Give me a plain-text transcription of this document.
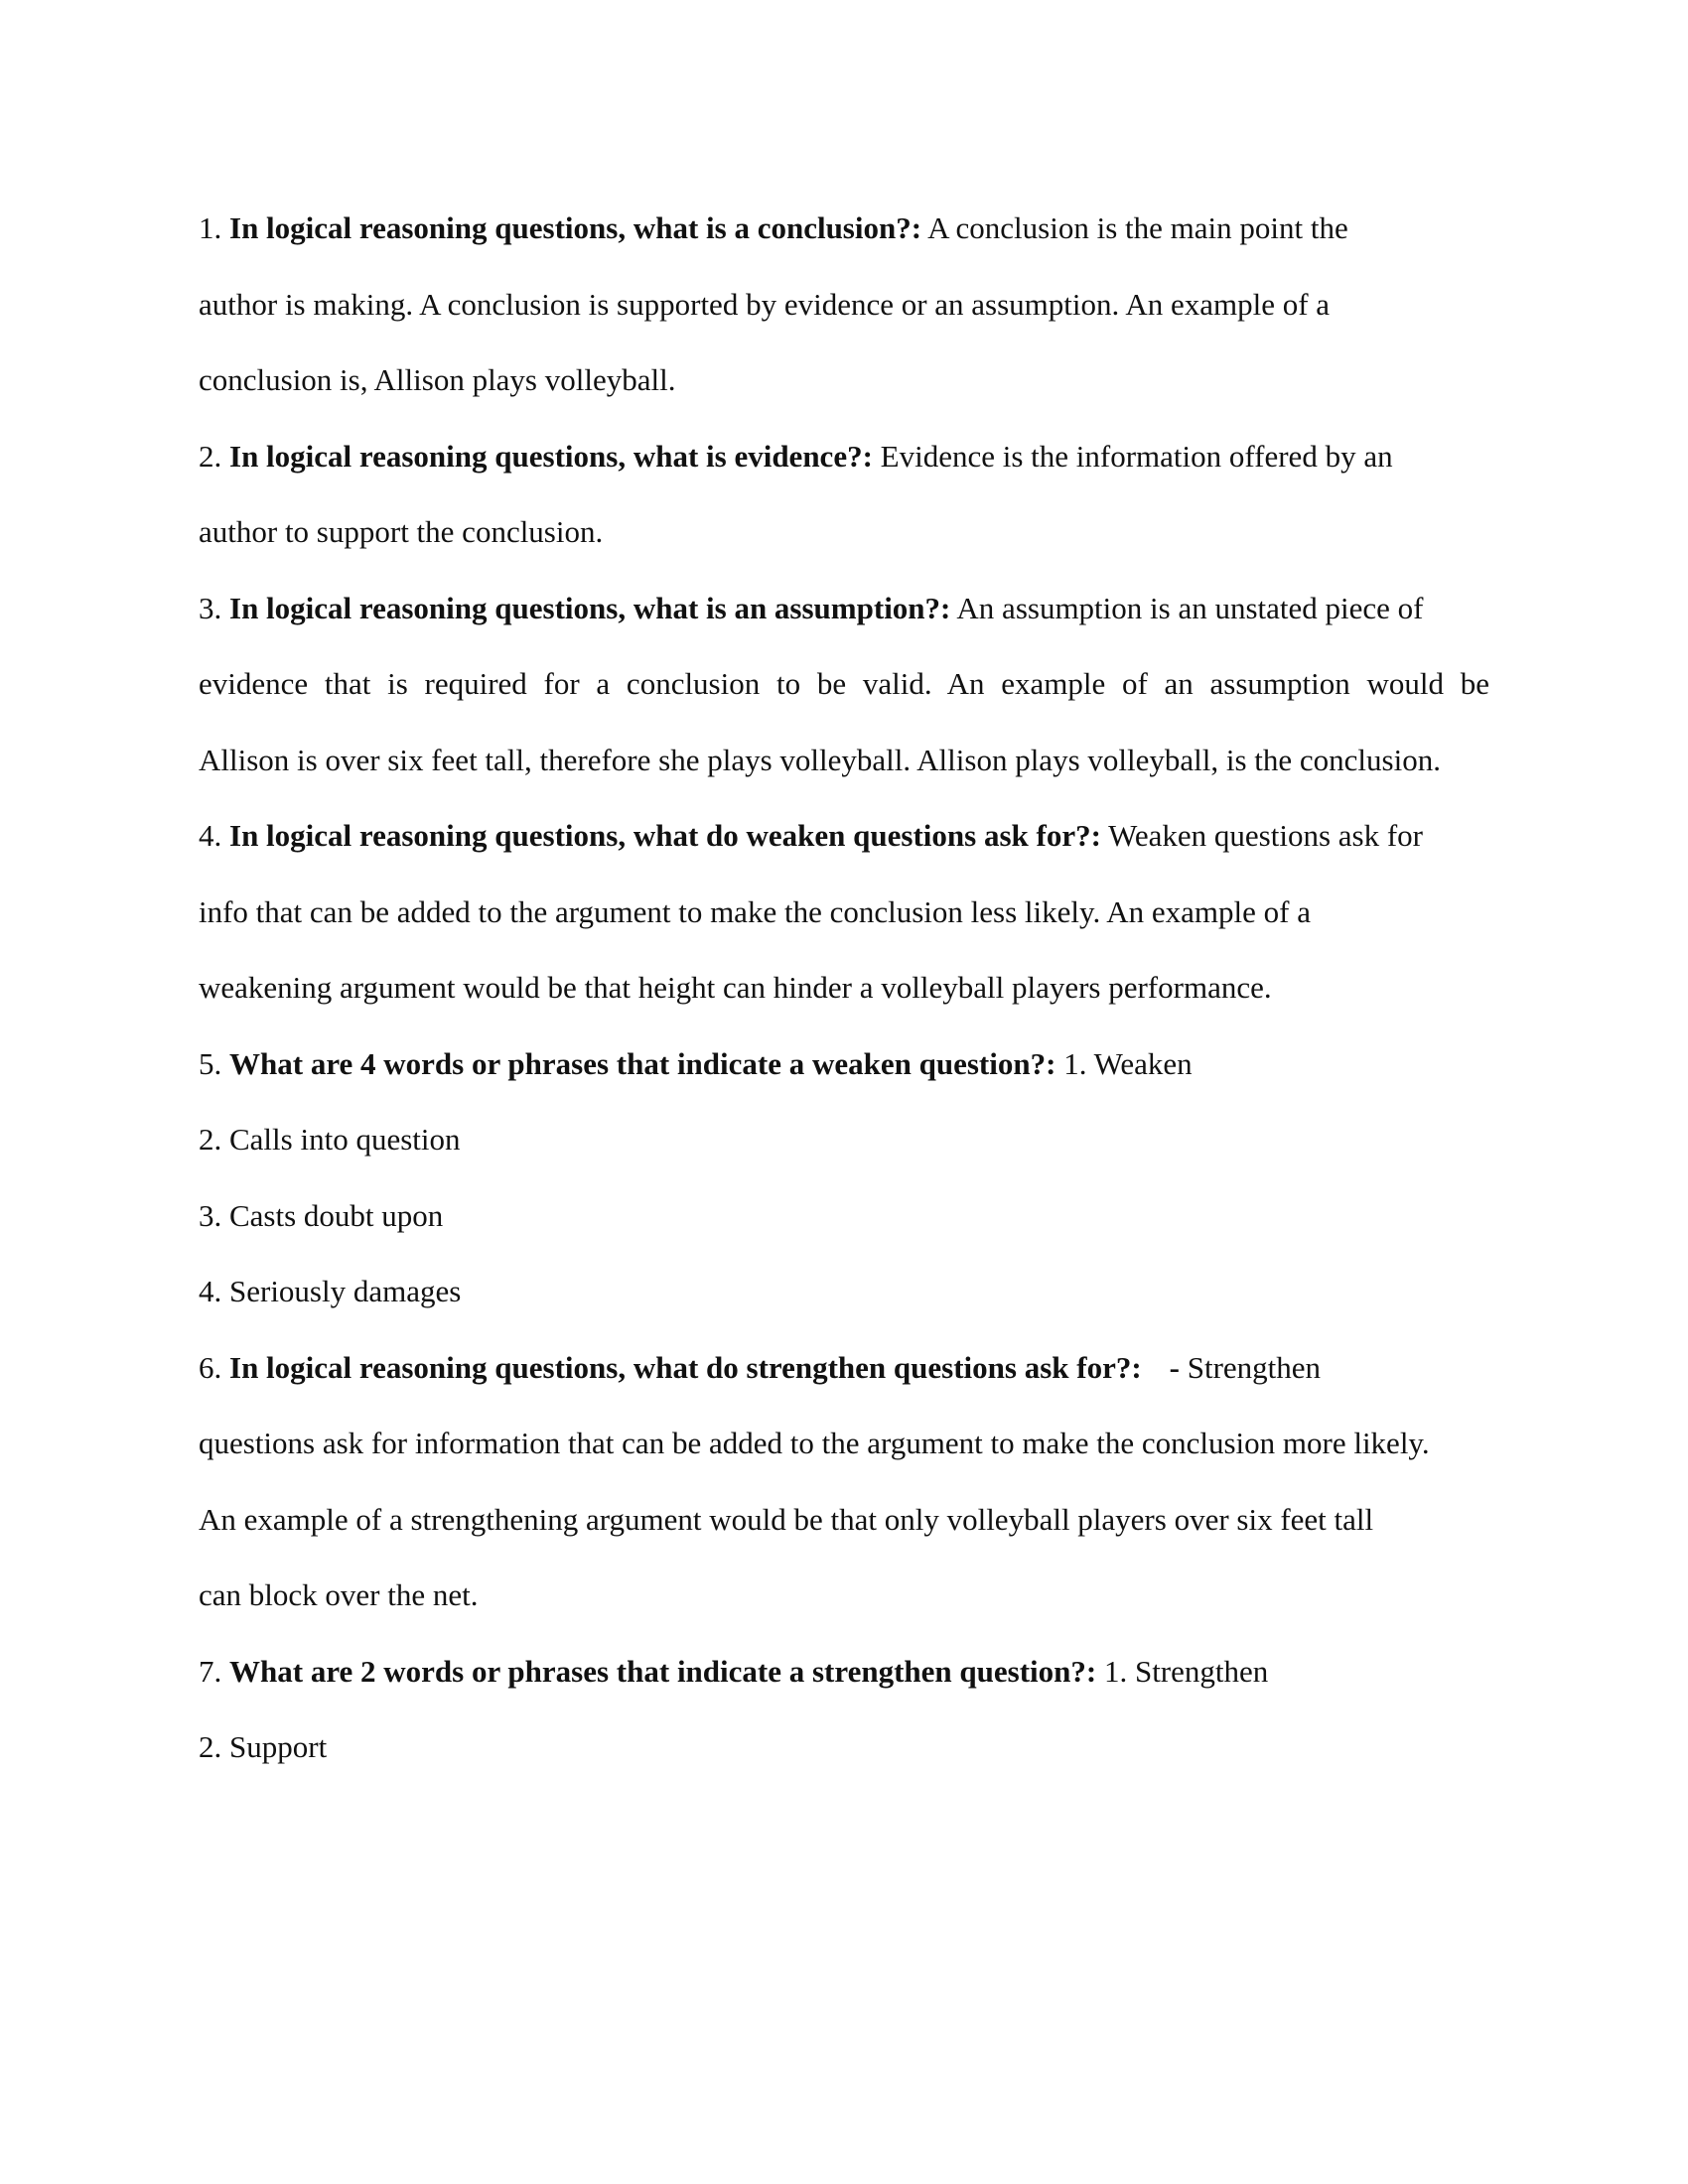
1. In logical reasoning questions, what is a conclusion?: A conclusion is the main point the
author is making. A conclusion is supported by evidence or an assumption. An example of a
conclusion is, Allison plays volleyball.
2. In logical reasoning questions, what is evidence?: Evidence is the information offered by an
author to support the conclusion.
3. In logical reasoning questions, what is an assumption?: An assumption is an unstated piece of
evidence that is required for a conclusion to be valid. An example of an assumption would be
Allison is over six feet tall, therefore she plays volleyball. Allison plays volleyball, is the conclusion.
4. In logical reasoning questions, what do weaken questions ask for?: Weaken questions ask for
info that can be added to the argument to make the conclusion less likely. An example of a
weakening argument would be that height can hinder a volleyball players performance.
5. What are 4 words or phrases that indicate a weaken question?: 1. Weaken
2. Calls into question
3. Casts doubt upon
4. Seriously damages
6. In logical reasoning questions, what do strengthen questions ask for?: - Strengthen
questions ask for information that can be added to the argument to make the conclusion more likely.
An example of a strengthening argument would be that only volleyball players over six feet tall
can block over the net.
7. What are 2 words or phrases that indicate a strengthen question?: 1. Strengthen
2. Support
